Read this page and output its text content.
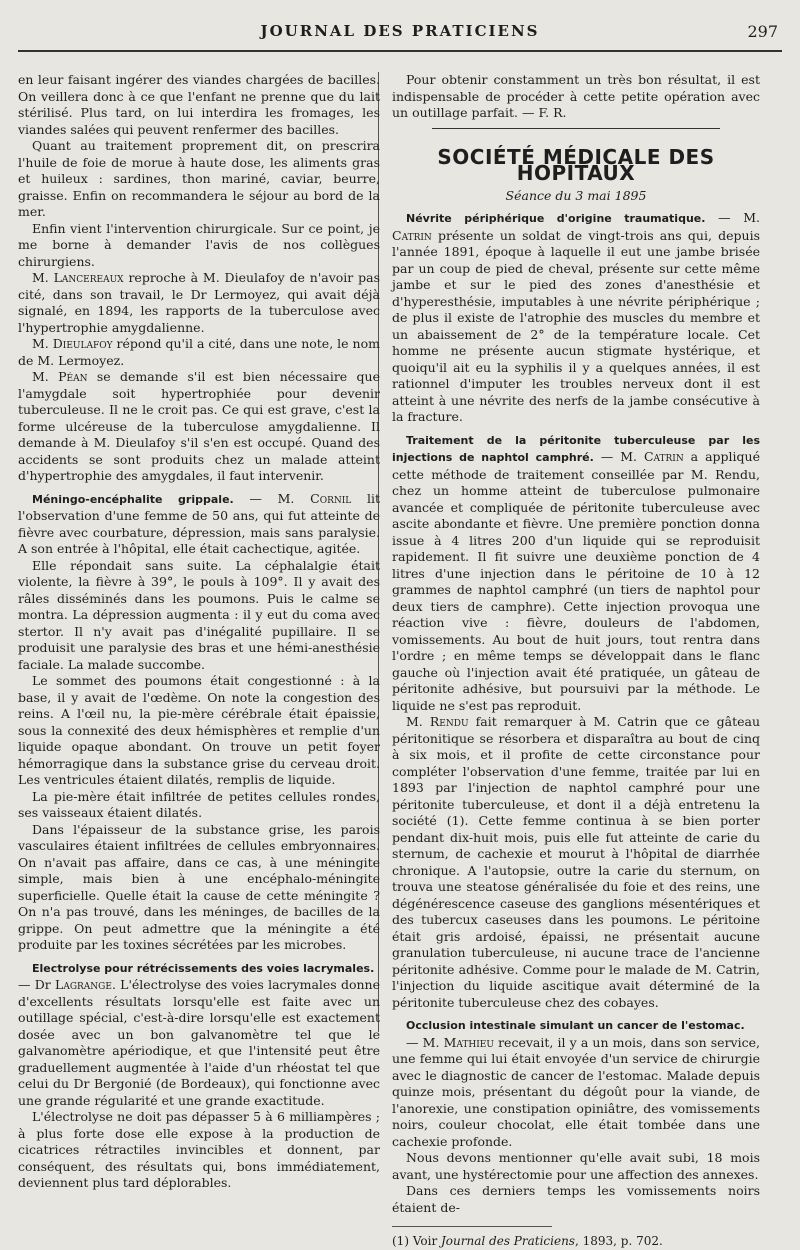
JOURNAL DES PRATICIENS	297

en leur faisant ingérer des viandes chargées de bacilles. On veillera donc à ce que l'enfant ne prenne que du lait stérilisé. Plus tard, on lui interdira les fromages, les viandes salées qui peuvent renfermer des bacilles.

Quant au traitement proprement dit, on prescrira l'huile de foie de morue à haute dose, les aliments gras et huileux : sardines, thon mariné, caviar, beurre, graisse. Enfin on recommandera le séjour au bord de la mer.

Enfin vient l'intervention chirurgicale. Sur ce point, je me borne à demander l'avis de nos collègues chirurgiens.

M. Lancereaux reproche à M. Dieulafoy de n'avoir pas cité, dans son travail, le Dr Lermoyez, qui avait déjà signalé, en 1894, les rapports de la tuberculose avec l'hypertrophie amygdalienne.

M. Dieulafoy répond qu'il a cité, dans une note, le nom de M. Lermoyez.

M. Péan se demande s'il est bien nécessaire que l'amygdale soit hypertrophiée pour devenir tuberculeuse. Il ne le croit pas. Ce qui est grave, c'est la forme ulcéreuse de la tuberculose amygdalienne. Il demande à M. Dieulafoy s'il s'en est occupé. Quand des accidents se sont produits chez un malade atteint d'hypertrophie des amygdales, il faut intervenir.

Méningo-encéphalite grippale. — M. Cornil lit l'observation d'une femme de 50 ans, qui fut atteinte de fièvre avec courbature, dépression, mais sans paralysie. A son entrée à l'hôpital, elle était cachectique, agitée.

Elle répondait sans suite. La céphalalgie était violente, la fièvre à 39°, le pouls à 109°. Il y avait des râles disséminés dans les poumons. Puis le calme se montra. La dépression augmenta : il y eut du coma avec stertor. Il n'y avait pas d'inégalité pupillaire. Il se produisit une paralysie des bras et une hémi-anesthésie faciale. La malade succombe.

Le sommet des poumons était congestionné : à la base, il y avait de l'œdème. On note la congestion des reins. A l'œil nu, la pie-mère cérébrale était épaissie, sous la connexité des deux hémisphères et remplie d'un liquide opaque abondant. On trouve un petit foyer hémorragique dans la substance grise du cerveau droit. Les ventricules étaient dilatés, remplis de liquide.

La pie-mère était infiltrée de petites cellules rondes, ses vaisseaux étaient dilatés.

Dans l'épaisseur de la substance grise, les parois vasculaires étaient infiltrées de cellules embryonnaires. On n'avait pas affaire, dans ce cas, à une méningite simple, mais bien à une encéphalo-méningite superficielle. Quelle était la cause de cette méningite ? On n'a pas trouvé, dans les méninges, de bacilles de la grippe. On peut admettre que la méningite a été produite par les toxines sécrétées par les microbes.

Electrolyse pour rétrécissements des voies lacrymales.

— Dr Lagrange. L'électrolyse des voies lacrymales donne d'excellents résultats lorsqu'elle est faite avec un outillage spécial, c'est-à-dire lorsqu'elle est exactement dosée avec un bon galvanomètre tel que le galvanomètre apériodique, et que l'intensité peut être graduellement augmentée à l'aide d'un rhéostat tel que celui du Dr Bergonié (de Bordeaux), qui fonctionne avec une grande régularité et une grande exactitude.

L'électrolyse ne doit pas dépasser 5 à 6 milliampères ; à plus forte dose elle expose à la production de cicatrices rétractiles invincibles et donnent, par conséquent, des résultats qui, bons immédiatement, deviennent plus tard déplorables.

Pour obtenir constamment un très bon résultat, il est indispensable de procéder à cette petite opération avec un outillage parfait. — F. R.

SOCIÉTÉ MÉDICALE DES HOPITAUX
Séance du 3 mai 1895

Névrite périphérique d'origine traumatique. — M. Catrin présente un soldat de vingt-trois ans qui, depuis l'année 1891, époque à laquelle il eut une jambe brisée par un coup de pied de cheval, présente sur cette même jambe et sur le pied des zones d'anesthésie et d'hyperesthésie, imputables à une névrite périphérique ; de plus il existe de l'atrophie des muscles du membre et un abaissement de 2° de la température locale. Cet homme ne présente aucun stigmate hystérique, et quoiqu'il ait eu la syphilis il y a quelques années, il est rationnel d'imputer les troubles nerveux dont il est atteint à une névrite des nerfs de la jambe consécutive à la fracture.

Traitement de la péritonite tuberculeuse par les injections de naphtol camphré. — M. Catrin a appliqué cette méthode de traitement conseillée par M. Rendu, chez un homme atteint de tuberculose pulmonaire avancée et compliquée de péritonite tuberculeuse avec ascite abondante et fièvre. Une première ponction donna issue à 4 litres 200 d'un liquide qui se reproduisit rapidement. Il fit suivre une deuxième ponction de 4 litres d'une injection dans le péritoine de 10 à 12 grammes de naphtol camphré (un tiers de naphtol pour deux tiers de camphre). Cette injection provoqua une réaction vive : fièvre, douleurs de l'abdomen, vomissements. Au bout de huit jours, tout rentra dans l'ordre ; en même temps se développait dans le flanc gauche où l'injection avait été pratiquée, un gâteau de péritonite adhésive, but poursuivi par la méthode. Le liquide ne s'est pas reproduit.

M. Rendu fait remarquer à M. Catrin que ce gâteau péritonitique se résorbera et disparaîtra au bout de cinq à six mois, et il profite de cette circonstance pour compléter l'observation d'une femme, traitée par lui en 1893 par l'injection de naphtol camphré pour une péritonite tuberculeuse, et dont il a déjà entretenu la société (1). Cette femme continua à se bien porter pendant dix-huit mois, puis elle fut atteinte de carie du sternum, de cachexie et mourut à l'hôpital de diarrhée chronique. A l'autopsie, outre la carie du sternum, on trouva une steatose généralisée du foie et des reins, une dégénérescence caseuse des ganglions mésentériques et des tubercux caseuses dans les poumons. Le péritoine était gris ardoisé, épaissi, ne présentait aucune granulation tuberculeuse, ni aucune trace de l'ancienne péritonite adhésive. Comme pour le malade de M. Catrin, l'injection du liquide ascitique avait déterminé de la péritonite tuberculeuse chez des cobayes.

Occlusion intestinale simulant un cancer de l'estomac.

— M. Mathieu recevait, il y a un mois, dans son service, une femme qui lui était envoyée d'un service de chirurgie avec le diagnostic de cancer de l'estomac. Malade depuis quinze mois, présentant du dégoût pour la viande, de l'anorexie, une constipation opiniâtre, des vomissements noirs, couleur chocolat, elle était tombée dans une cachexie profonde.

Nous devons mentionner qu'elle avait subi, 18 mois avant, une hystérectomie pour une affection des annexes.

Dans ces derniers temps les vomissements noirs étaient de-

(1) Voir Journal des Praticiens, 1893, p. 702.
